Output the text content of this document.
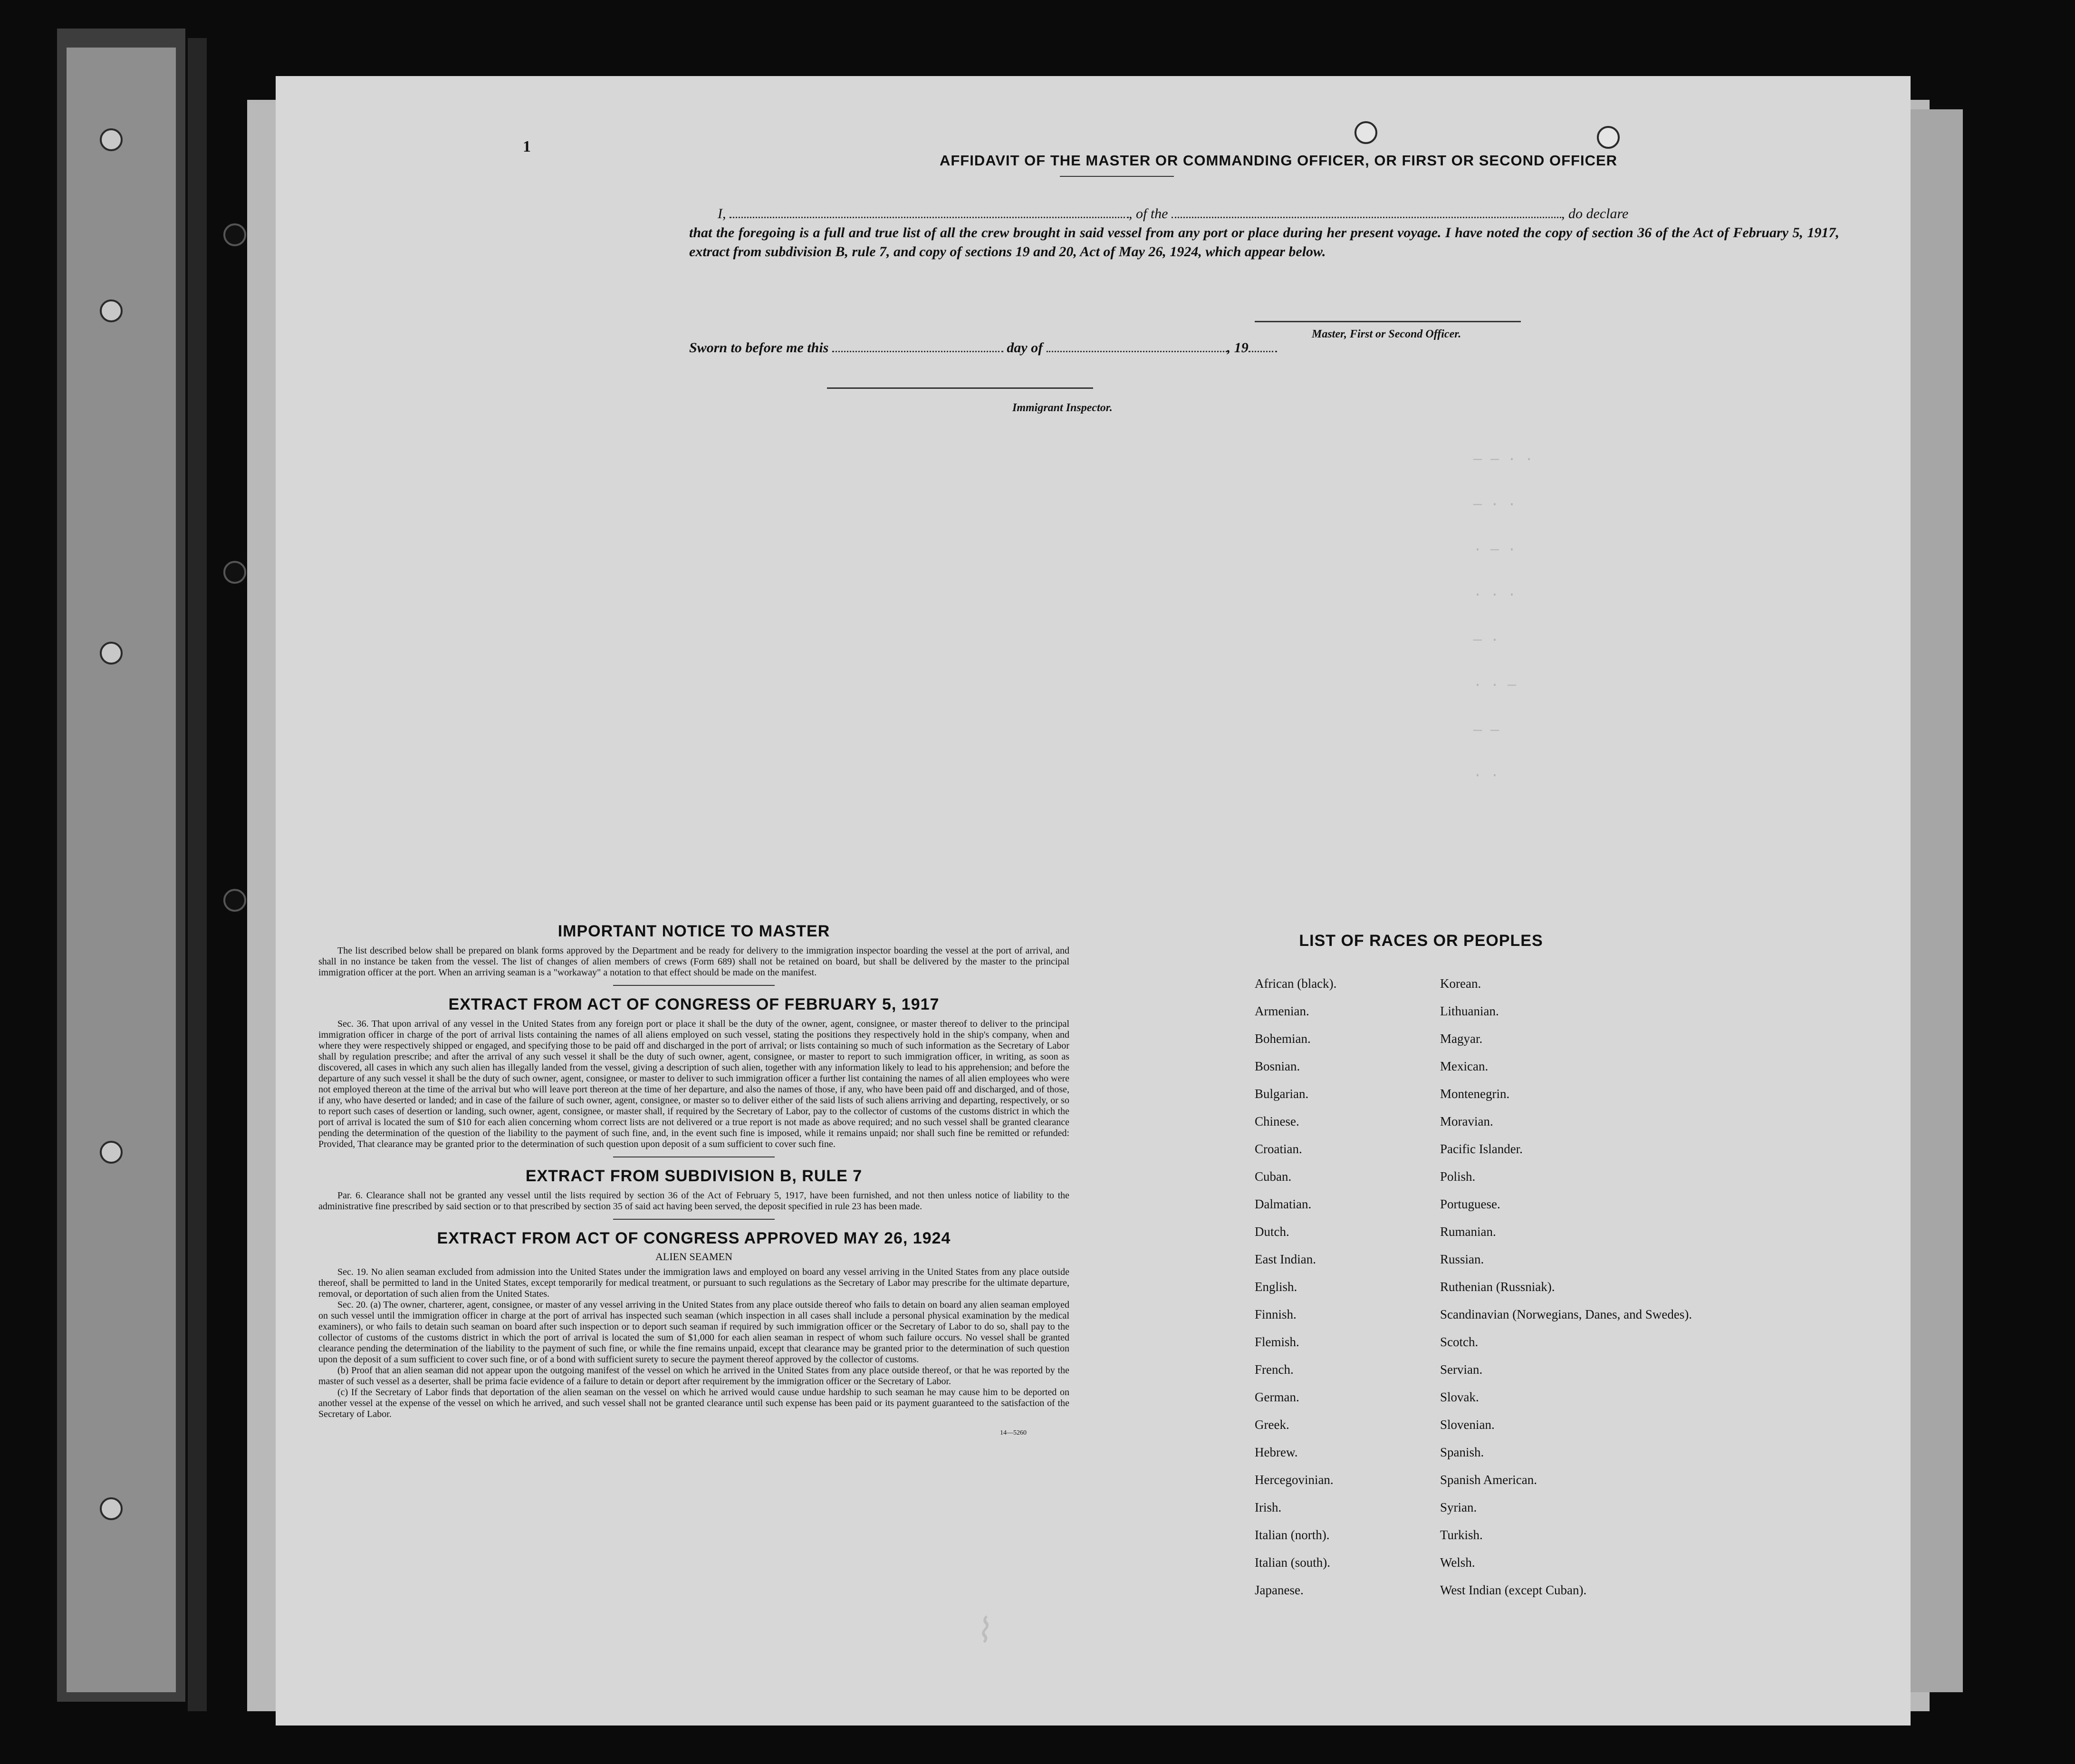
1
AFFIDAVIT OF THE MASTER OR COMMANDING OFFICER, OR FIRST OR SECOND OFFICER
I,	, of the	, do declare
that the foregoing is a full and true list of all the crew brought in said vessel from any port or place during her present voyage. I have noted the copy of section 36 of the Act of February 5, 1917, extract from subdivision B, rule 7, and copy of sections 19 and 20, Act of May 26, 1924, which appear below.
Master, First or Second Officer.
Sworn to before me this	day of	, 19
Immigrant Inspector.
— — · ·
— · ·
· — ·
· · ·
— ·
· · —
— —
· ·
IMPORTANT NOTICE TO MASTER
The list described below shall be prepared on blank forms approved by the Department and be ready for delivery to the immigration inspector boarding the vessel at the port of arrival, and shall in no instance be taken from the vessel. The list of changes of alien members of crews (Form 689) shall not be retained on board, but shall be delivered by the master to the principal immigration officer at the port. When an arriving seaman is a "workaway" a notation to that effect should be made on the manifest.
EXTRACT FROM ACT OF CONGRESS OF FEBRUARY 5, 1917
Sec. 36. That upon arrival of any vessel in the United States from any foreign port or place it shall be the duty of the owner, agent, consignee, or master thereof to deliver to the principal immigration officer in charge of the port of arrival lists containing the names of all aliens employed on such vessel, stating the positions they respectively hold in the ship's company, when and where they were respectively shipped or engaged, and specifying those to be paid off and discharged in the port of arrival; or lists containing so much of such information as the Secretary of Labor shall by regulation prescribe; and after the arrival of any such vessel it shall be the duty of such owner, agent, consignee, or master to report to such immigration officer, in writing, as soon as discovered, all cases in which any such alien has illegally landed from the vessel, giving a description of such alien, together with any information likely to lead to his apprehension; and before the departure of any such vessel it shall be the duty of such owner, agent, consignee, or master to deliver to such immigration officer a further list containing the names of all alien employees who were not employed thereon at the time of the arrival but who will leave port thereon at the time of her departure, and also the names of those, if any, who have been paid off and discharged, and of those, if any, who have deserted or landed; and in case of the failure of such owner, agent, consignee, or master so to deliver either of the said lists of such aliens arriving and departing, respectively, or so to report such cases of desertion or landing, such owner, agent, consignee, or master shall, if required by the Secretary of Labor, pay to the collector of customs of the customs district in which the port of arrival is located the sum of $10 for each alien concerning whom correct lists are not delivered or a true report is not made as above required; and no such vessel shall be granted clearance pending the determination of the question of the liability to the payment of such fine, and, in the event such fine is imposed, while it remains unpaid; nor shall such fine be remitted or refunded: Provided, That clearance may be granted prior to the determination of such question upon deposit of a sum sufficient to cover such fine.
EXTRACT FROM SUBDIVISION B, RULE 7
Par. 6. Clearance shall not be granted any vessel until the lists required by section 36 of the Act of February 5, 1917, have been furnished, and not then unless notice of liability to the administrative fine prescribed by said section or to that prescribed by section 35 of said act having been served, the deposit specified in rule 23 has been made.
EXTRACT FROM ACT OF CONGRESS APPROVED MAY 26, 1924
ALIEN SEAMEN
Sec. 19. No alien seaman excluded from admission into the United States under the immigration laws and employed on board any vessel arriving in the United States from any place outside thereof, shall be permitted to land in the United States, except temporarily for medical treatment, or pursuant to such regulations as the Secretary of Labor may prescribe for the ultimate departure, removal, or deportation of such alien from the United States.
Sec. 20. (a) The owner, charterer, agent, consignee, or master of any vessel arriving in the United States from any place outside thereof who fails to detain on board any alien seaman employed on such vessel until the immigration officer in charge at the port of arrival has inspected such seaman (which inspection in all cases shall include a personal physical examination by the medical examiners), or who fails to detain such seaman on board after such inspection or to deport such seaman if required by such immigration officer or the Secretary of Labor to do so, shall pay to the collector of customs of the customs district in which the port of arrival is located the sum of $1,000 for each alien seaman in respect of whom such failure occurs. No vessel shall be granted clearance pending the determination of the liability to the payment of such fine, or while the fine remains unpaid, except that clearance may be granted prior to the determination of such question upon the deposit of a sum sufficient to cover such fine, or of a bond with sufficient surety to secure the payment thereof approved by the collector of customs.
(b) Proof that an alien seaman did not appear upon the outgoing manifest of the vessel on which he arrived in the United States from any place outside thereof, or that he was reported by the master of such vessel as a deserter, shall be prima facie evidence of a failure to detain or deport after requirement by the immigration officer or the Secretary of Labor.
(c) If the Secretary of Labor finds that deportation of the alien seaman on the vessel on which he arrived would cause undue hardship to such seaman he may cause him to be deported on another vessel at the expense of the vessel on which he arrived, and such vessel shall not be granted clearance until such expense has been paid or its payment guaranteed to the satisfaction of the Secretary of Labor.
14—5260
LIST OF RACES OR PEOPLES
African (black).
Armenian.
Bohemian.
Bosnian.
Bulgarian.
Chinese.
Croatian.
Cuban.
Dalmatian.
Dutch.
East Indian.
English.
Finnish.
Flemish.
French.
German.
Greek.
Hebrew.
Hercegovinian.
Irish.
Italian (north).
Italian (south).
Japanese.
Korean.
Lithuanian.
Magyar.
Mexican.
Montenegrin.
Moravian.
Pacific Islander.
Polish.
Portuguese.
Rumanian.
Russian.
Ruthenian (Russniak).
Scandinavian (Norwegians, Danes, and Swedes).
Scotch.
Servian.
Slovak.
Slovenian.
Spanish.
Spanish American.
Syrian.
Turkish.
Welsh.
West Indian (except Cuban).
⌇
